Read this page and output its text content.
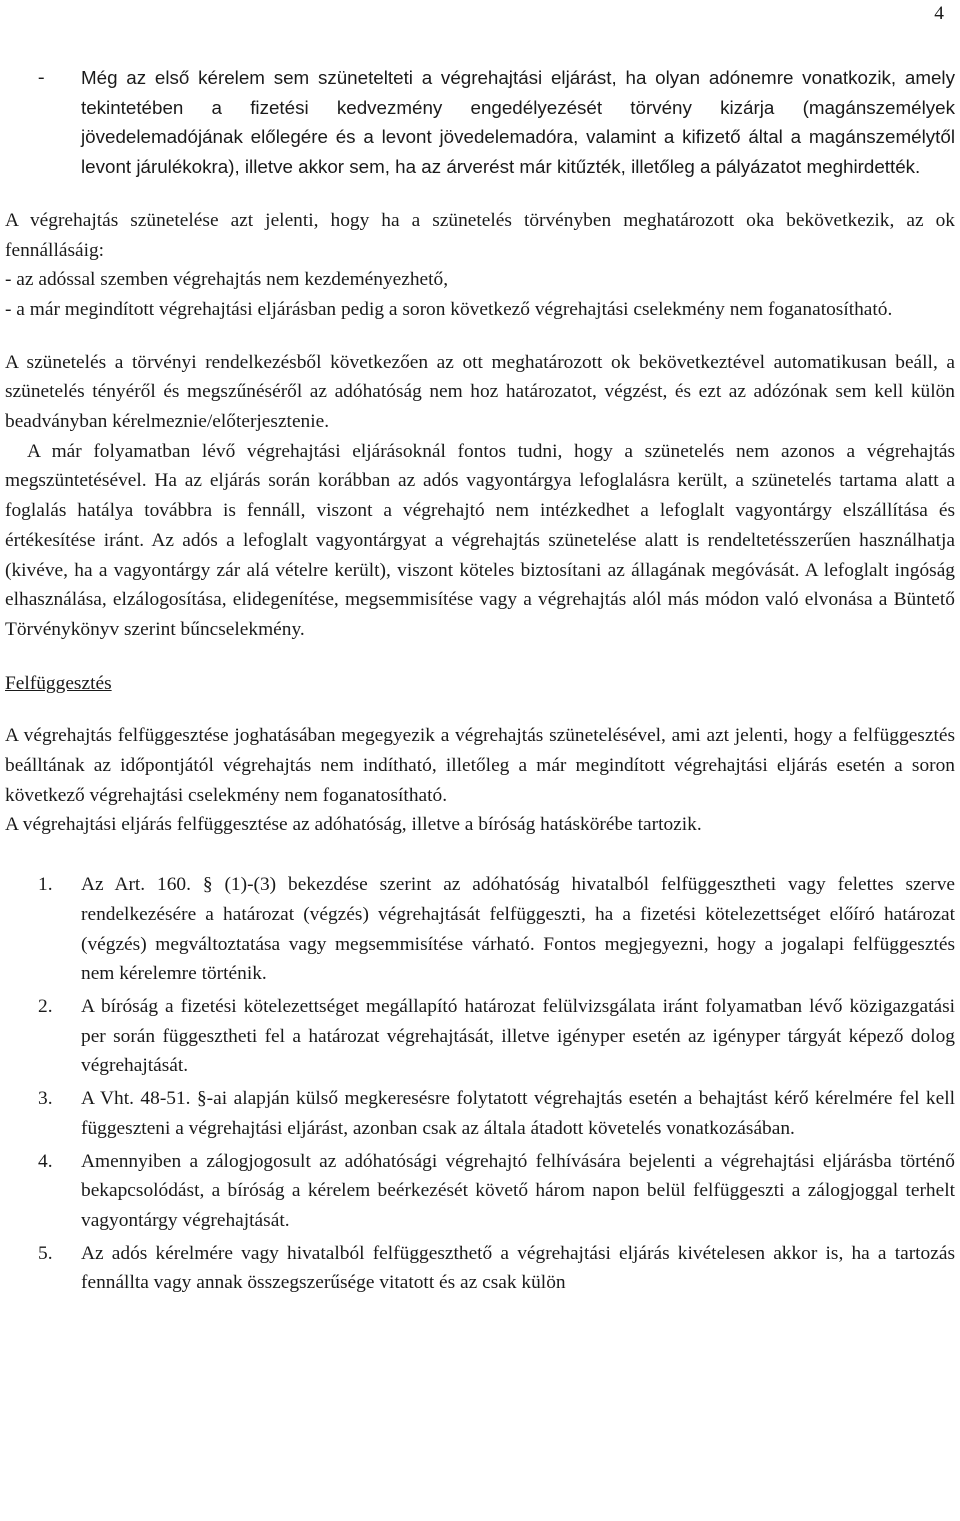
4
-	Még az első kérelem sem szünetelteti a végrehajtási eljárást, ha olyan adónemre vonatkozik, amely tekintetében a fizetési kedvezmény engedélyezését törvény kizárja (magánszemélyek jövedelemadójának előlegére és a levont jövedelemadóra, valamint a kifizető által a magánszemélytől levont járulékokra), illetve akkor sem, ha az árverést már kitűzték, illetőleg a pályázatot meghirdették.

A végrehajtás szünetelése azt jelenti, hogy ha a szünetelés törvényben meghatározott oka bekövetkezik, az ok fennállásáig:

- az adóssal szemben végrehajtás nem kezdeményezhető,

- a már megindított végrehajtási eljárásban pedig a soron következő végrehajtási cselekmény nem foganatosítható.

A szünetelés a törvényi rendelkezésből következően az ott meghatározott ok bekövetkeztével automatikusan beáll, a szünetelés tényéről és megszűnéséről az adóhatóság nem hoz határozatot, végzést, és ezt az adózónak sem kell külön beadványban kérelmeznie/előterjesztenie.

A már folyamatban lévő végrehajtási eljárásoknál fontos tudni, hogy a szünetelés nem azonos a végrehajtás megszüntetésével. Ha az eljárás során korábban az adós vagyontárgya lefoglalásra került, a szünetelés tartama alatt a foglalás hatálya továbbra is fennáll, viszont a végrehajtó nem intézkedhet a lefoglalt vagyontárgy elszállítása és értékesítése iránt. Az adós a lefoglalt vagyontárgyat a végrehajtás szünetelése alatt is rendeltetésszerűen használhatja (kivéve, ha a vagyontárgy zár alá vételre került), viszont köteles biztosítani az állagának megóvását. A lefoglalt ingóság elhasználása, elzálogosítása, elidegenítése, megsemmisítése vagy a végrehajtás alól más módon való elvonása a Büntető Törvénykönyv szerint bűncselekmény.

Felfüggesztés

A végrehajtás felfüggesztése joghatásában megegyezik a végrehajtás szünetelésével, ami azt jelenti, hogy a felfüggesztés beálltának az időpontjától végrehajtás nem indítható, illetőleg a már megindított végrehajtási eljárás esetén a soron következő végrehajtási cselekmény nem foganatosítható.

A végrehajtási eljárás felfüggesztése az adóhatóság, illetve a bíróság hatáskörébe tartozik.

1.	Az Art. 160. § (1)-(3) bekezdése szerint az adóhatóság hivatalból felfüggesztheti vagy felettes szerve rendelkezésére a határozat (végzés) végrehajtását felfüggeszti, ha a fizetési kötelezettséget előíró határozat (végzés) megváltoztatása vagy megsemmisítése várható. Fontos megjegyezni, hogy a jogalapi felfüggesztés nem kérelemre történik.
2.	A bíróság a fizetési kötelezettséget megállapító határozat felülvizsgálata iránt folyamatban lévő közigazgatási per során függesztheti fel a határozat végrehajtását, illetve igényper esetén az igényper tárgyát képező dolog végrehajtását.
3.	A Vht. 48-51. §-ai alapján külső megkeresésre folytatott végrehajtás esetén a behajtást kérő kérelmére fel kell függeszteni a végrehajtási eljárást, azonban csak az általa átadott követelés vonatkozásában.
4.	Amennyiben a zálogjogosult az adóhatósági végrehajtó felhívására bejelenti a végrehajtási eljárásba történő bekapcsolódást, a bíróság a kérelem beérkezését követő három napon belül felfüggeszti a zálogjoggal terhelt vagyontárgy végrehajtását.
5.	Az adós kérelmére vagy hivatalból felfüggeszthető a végrehajtási eljárás kivételesen akkor is, ha a tartozás fennállta vagy annak összegszerűsége vitatott és az csak külön
